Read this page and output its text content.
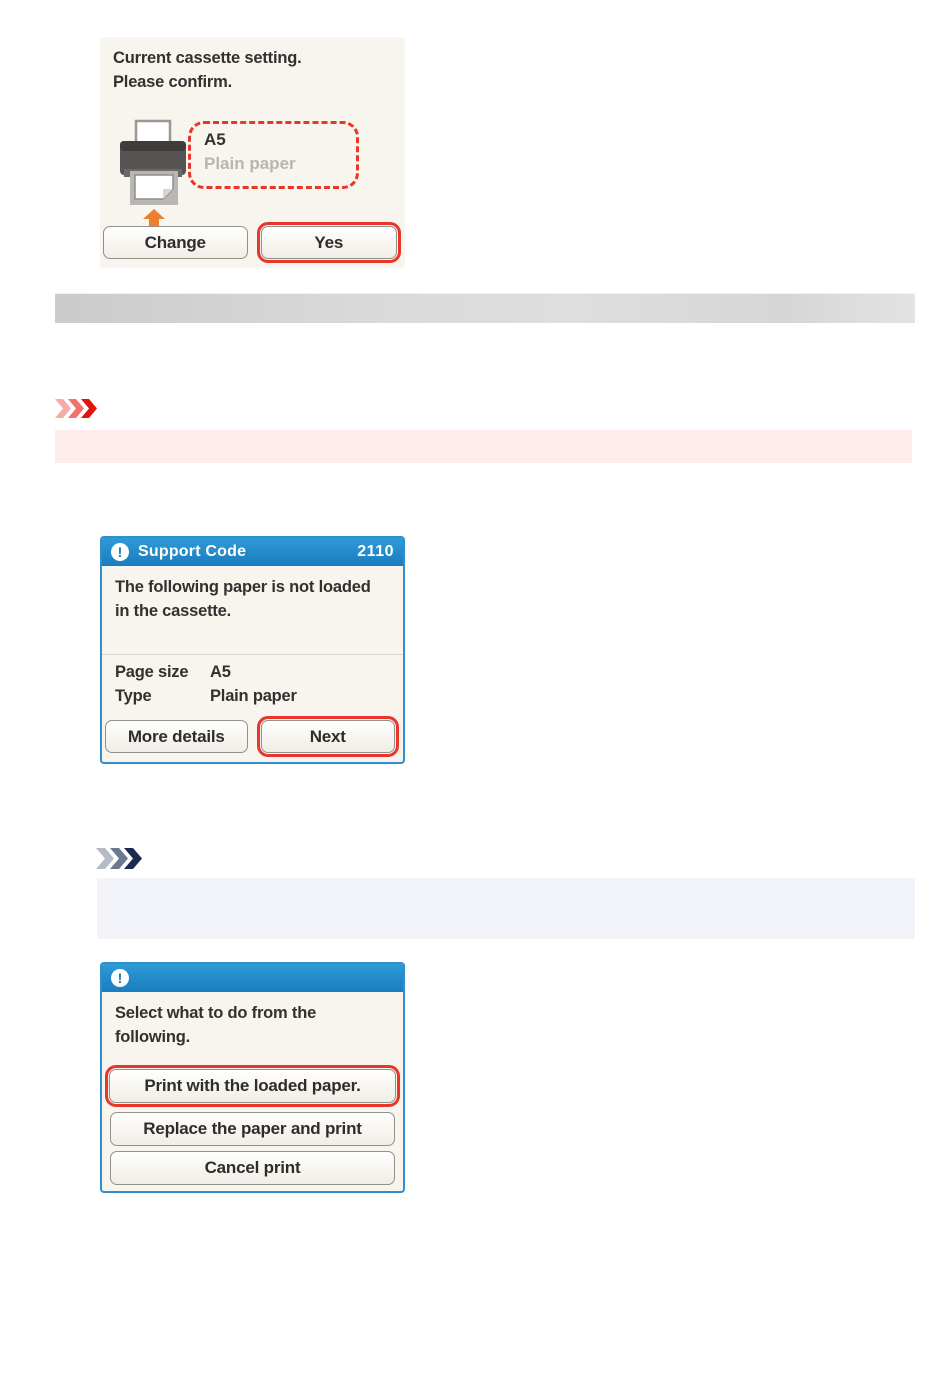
Current cassette setting.
Please confirm.
A5
Plain paper
Change	Yes
! Support Code	2110
The following paper is not loaded
in the cassette.
Page size	A5
Type	Plain paper
More details	Next
!
Select what to do from the
following.
Print with the loaded paper.
Replace the paper and print
Cancel print
